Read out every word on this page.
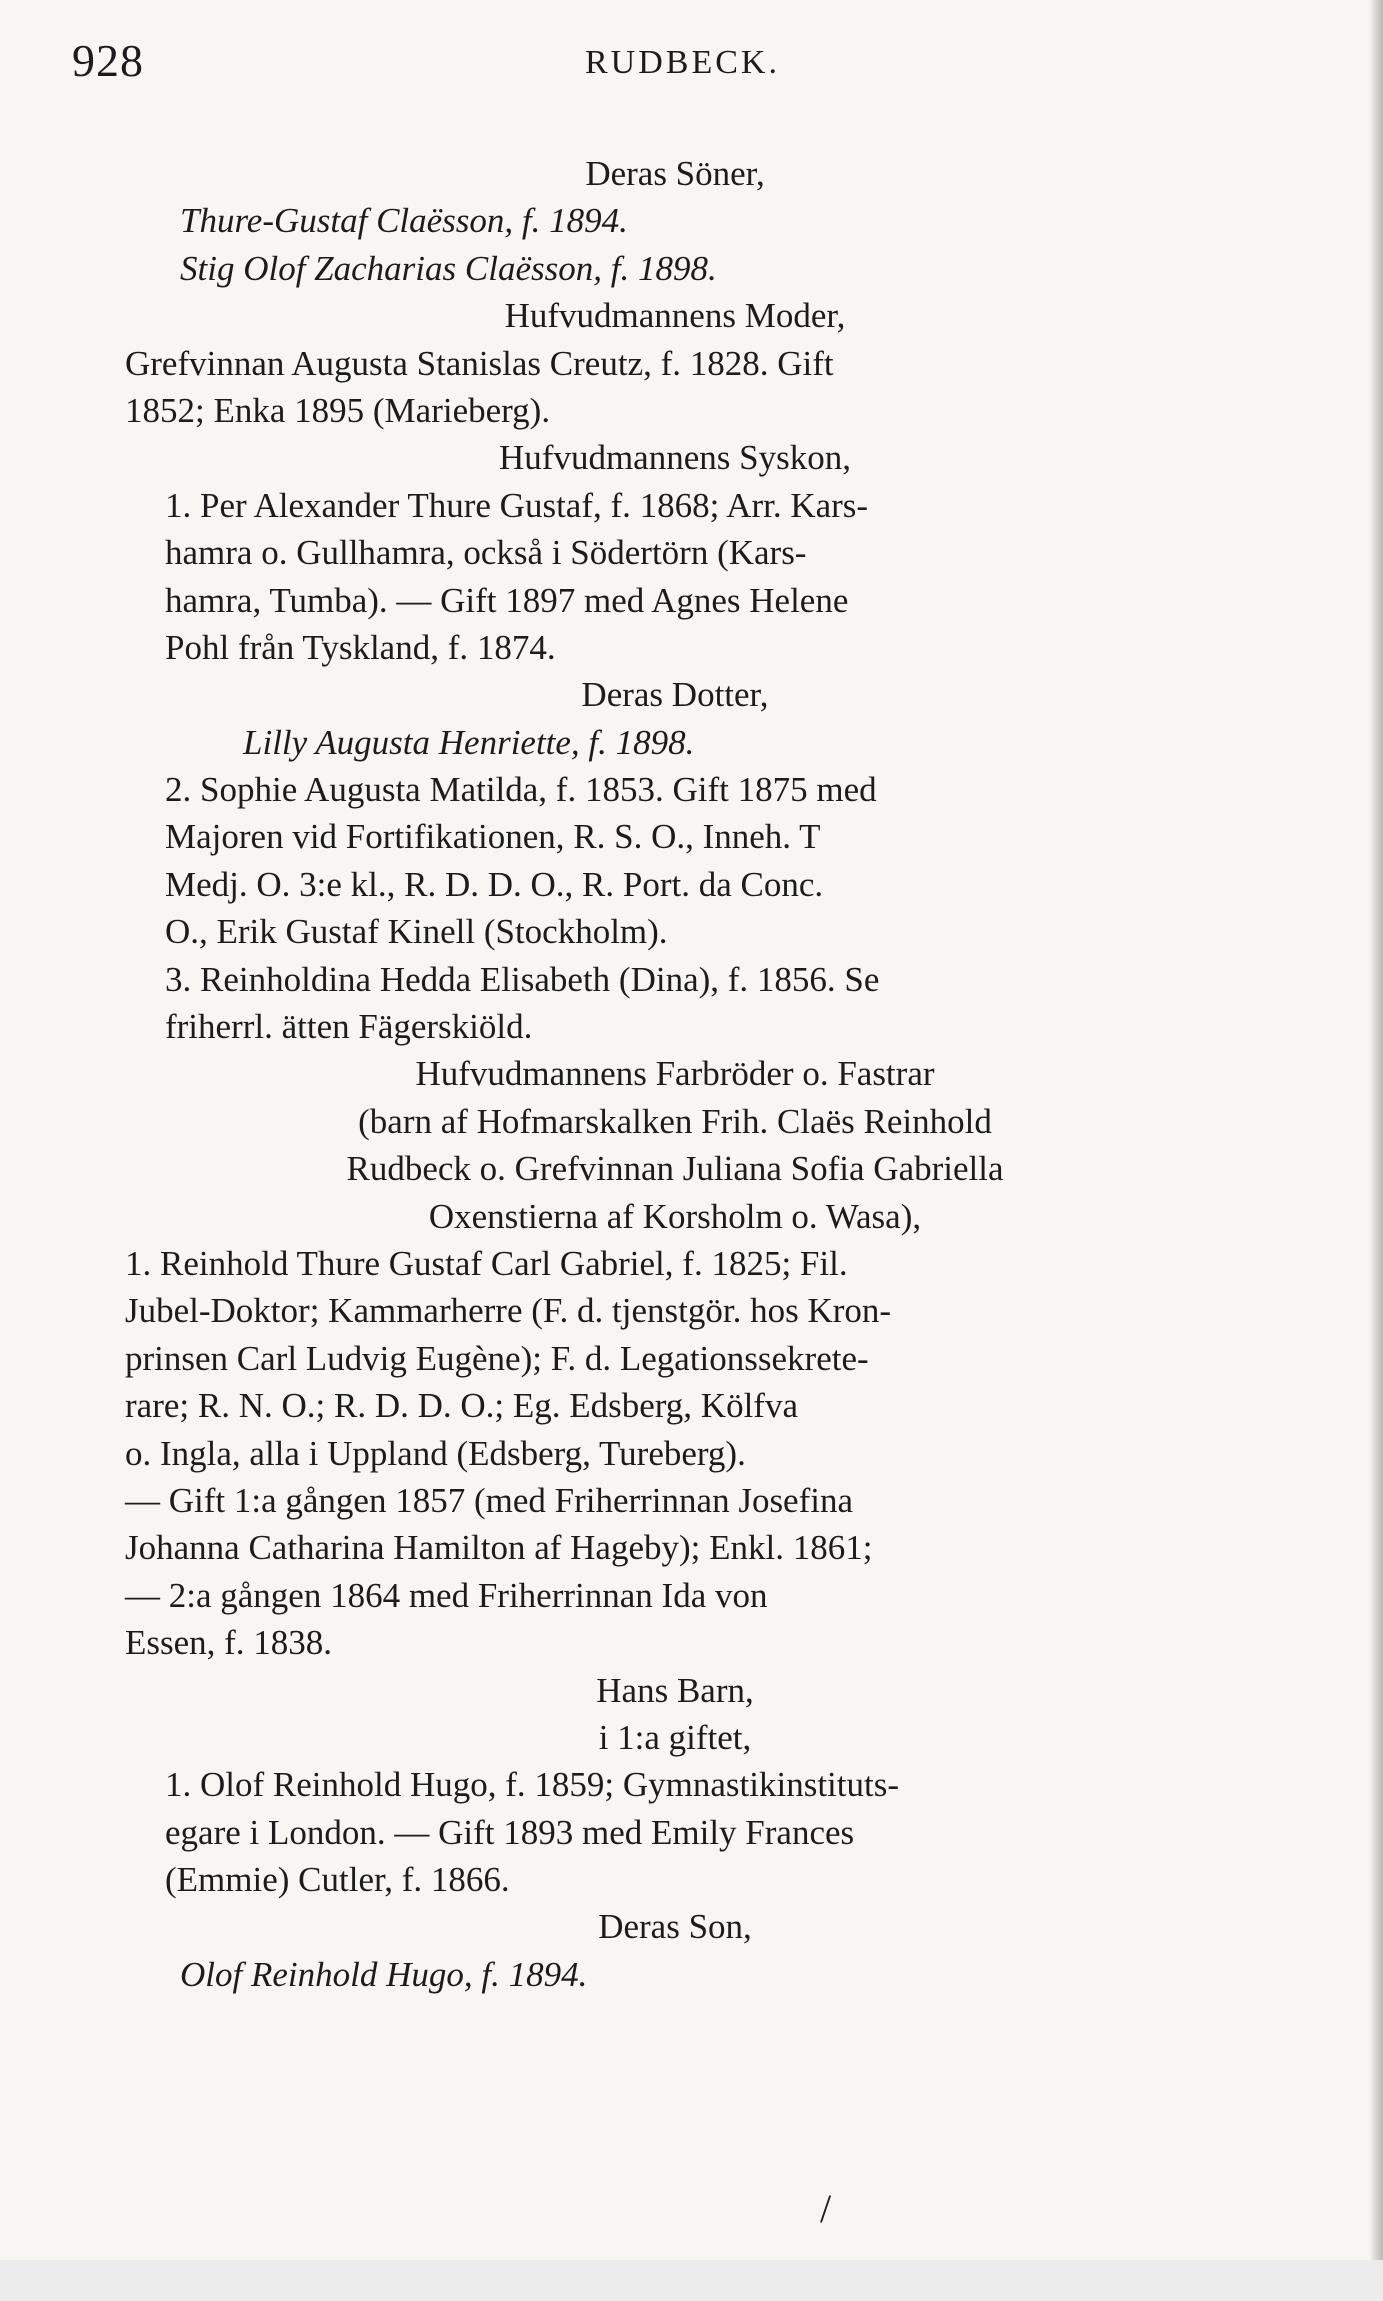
928	RUDBECK.
Deras Söner,
Thure-Gustaf Claësson, f. 1894.
Stig Olof Zacharias Claësson, f. 1898.
Hufvudmannens Moder,
Grefvinnan Augusta Stanislas Creutz, f. 1828. Gift
1852; Enka 1895 (Marieberg).
Hufvudmannens Syskon,
1. Per Alexander Thure Gustaf, f. 1868; Arr. Kars-
hamra o. Gullhamra, också i Södertörn (Kars-
hamra, Tumba). — Gift 1897 med Agnes Helene
Pohl från Tyskland, f. 1874.
Deras Dotter,
Lilly Augusta Henriette, f. 1898.
2. Sophie Augusta Matilda, f. 1853. Gift 1875 med
Majoren vid Fortifikationen, R. S. O., Inneh. T
Medj. O. 3:e kl., R. D. D. O., R. Port. da Conc.
O., Erik Gustaf Kinell (Stockholm).
3. Reinholdina Hedda Elisabeth (Dina), f. 1856. Se
friherrl. ätten Fägerskiöld.
Hufvudmannens Farbröder o. Fastrar
(barn af Hofmarskalken Frih. Claës Reinhold
Rudbeck o. Grefvinnan Juliana Sofia Gabriella
Oxenstierna af Korsholm o. Wasa),
1. Reinhold Thure Gustaf Carl Gabriel, f. 1825; Fil.
Jubel-Doktor; Kammarherre (F. d. tjenstgör. hos Kron-
prinsen Carl Ludvig Eugène); F. d. Legationssekrete-
rare; R. N. O.; R. D. D. O.; Eg. Edsberg, Kölfva
o. Ingla, alla i Uppland (Edsberg, Tureberg).
— Gift 1:a gången 1857 (med Friherrinnan Josefina
Johanna Catharina Hamilton af Hageby); Enkl. 1861;
— 2:a gången 1864 med Friherrinnan Ida von
Essen, f. 1838.
Hans Barn,
i 1:a giftet,
1. Olof Reinhold Hugo, f. 1859; Gymnastikinstituts-
egare i London. — Gift 1893 med Emily Frances
(Emmie) Cutler, f. 1866.
Deras Son,
Olof Reinhold Hugo, f. 1894.
/
